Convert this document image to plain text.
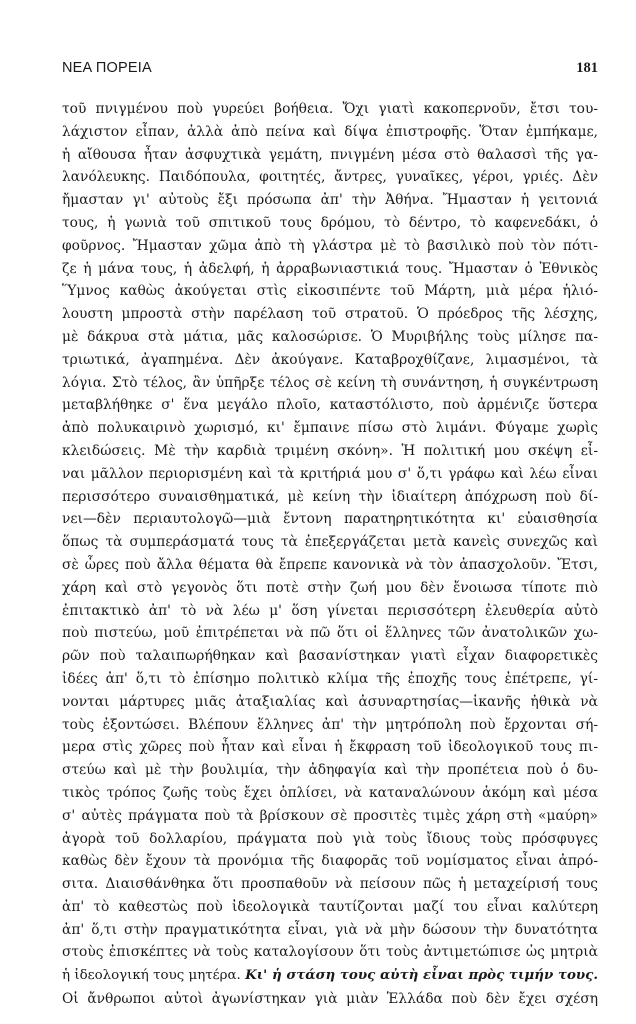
ΝΕΑ ΠΟΡΕΙΑ	181
τοῦ πνιγμένου ποὺ γυρεύει βοήθεια. Ὄχι γιατὶ κακοπερνοῦν, ἔτσι του-
λάχιστον εἶπαν, ἀλλὰ ἀπὸ πείνα καὶ δίψα ἐπιστροφῆς. Ὅταν ἐμπήκαμε,
ἡ αἴθουσα ἦταν ἀσφυχτικὰ γεμάτη, πνιγμένη μέσα στὸ θαλασσὶ τῆς γα-
λανόλευκης. Παιδόπουλα, φοιτητές, ἄντρες, γυναῖκες, γέροι, γριές. Δὲν
ἤμασταν γι' αὐτοὺς ἔξι πρόσωπα ἀπ' τὴν Ἀθήνα. Ἤμασταν ἡ γειτονιά
τους, ἡ γωνιὰ τοῦ σπιτικοῦ τους δρόμου, τὸ δέντρο, τὸ καφενεδάκι, ὁ
φοῦρνος. Ἤμασταν χῶμα ἀπὸ τὴ γλάστρα μὲ τὸ βασιλικὸ ποὺ τὸν πότι-
ζε ἡ μάνα τους, ἡ ἀδελφή, ἡ ἀρραβωνιαστικιά τους. Ἤμασταν ὁ Ἐθνικὸς
Ὕμνος καθὼς ἀκούγεται στὶς εἰκοσιπέντε τοῦ Μάρτη, μιὰ μέρα ἡλιό-
λουστη μπροστὰ στὴν παρέλαση τοῦ στρατοῦ. Ὁ πρόεδρος τῆς λέσχης,
μὲ δάκρυα στὰ μάτια, μᾶς καλοσώρισε. Ὁ Μυριβήλης τοὺς μίλησε πα-
τριωτικά, ἀγαπημένα. Δὲν ἀκούγανε. Καταβροχθίζανε, λιμασμένοι, τὰ
λόγια. Στὸ τέλος, ἂν ὑπῆρξε τέλος σὲ κείνη τὴ συνάντηση, ἡ συγκέντρωση
μεταβλήθηκε σ' ἕνα μεγάλο πλοῖο, καταστόλιστο, ποὺ ἀρμένιζε ὕστερα
ἀπὸ πολυκαιρινὸ χωρισμό, κι' ἔμπαινε πίσω στὸ λιμάνι. Φύγαμε χωρὶς
κλειδώσεις. Μὲ τὴν καρδιὰ τριμένη σκόνη». Ἡ πολιτική μου σκέψη εἶ-
ναι μᾶλλον περιορισμένη καὶ τὰ κριτήριά μου σ' ὅ,τι γράφω καὶ λέω εἶναι
περισσότερο συναισθηματικά, μὲ κείνη τὴν ἰδιαίτερη ἀπόχρωση ποὺ δί-
νει—δὲν περιαυτολογῶ—μιὰ ἔντονη παρατηρητικότητα κι' εὐαισθησία
ὅπως τὰ συμπεράσματά τους τὰ ἐπεξεργάζεται μετὰ κανεὶς συνεχῶς καὶ
σὲ ὧρες ποὺ ἄλλα θέματα θὰ ἔπρεπε κανονικὰ νὰ τὸν ἀπασχολοῦν. Ἔτσι,
χάρη καὶ στὸ γεγονὸς ὅτι ποτὲ στὴν ζωή μου δὲν ἔνοιωσα τίποτε πιὸ
ἐπιτακτικὸ ἀπ' τὸ νὰ λέω μ' ὅση γίνεται περισσότερη ἐλευθερία αὐτὸ
ποὺ πιστεύω, μοῦ ἐπιτρέπεται νὰ πῶ ὅτι οἱ ἕλληνες τῶν ἀνατολικῶν χω-
ρῶν ποὺ ταλαιπωρήθηκαν καὶ βασανίστηκαν γιατὶ εἶχαν διαφορετικὲς
ἰδέες ἀπ' ὅ,τι τὸ ἐπίσημο πολιτικὸ κλίμα τῆς ἐποχῆς τους ἐπέτρεπε, γί-
νονται μάρτυρες μιᾶς ἀταξιαλίας καὶ ἀσυναρτησίας—ἱκανῆς ἠθικὰ νὰ
τοὺς ἐξοντώσει. Βλέπουν ἕλληνες ἀπ' τὴν μητρόπολη ποὺ ἔρχονται σή-
μερα στὶς χῶρες ποὺ ἦταν καὶ εἶναι ἡ ἔκφραση τοῦ ἰδεολογικοῦ τους πι-
στεύω καὶ μὲ τὴν βουλιμία, τὴν ἀδηφαγία καὶ τὴν προπέτεια ποὺ ὁ δυ-
τικὸς τρόπος ζωῆς τοὺς ἔχει ὁπλίσει, νὰ καταναλώνουν ἀκόμη καὶ μέσα
σ' αὐτὲς πράγματα ποὺ τὰ βρίσκουν σὲ προσιτὲς τιμὲς χάρη στὴ «μαύρη»
ἀγορὰ τοῦ δολλαρίου, πράγματα ποὺ γιὰ τοὺς ἴδιους τοὺς πρόσφυγες
καθὼς δὲν ἔχουν τὰ προνόμια τῆς διαφορᾶς τοῦ νομίσματος εἶναι ἀπρό-
σιτα. Διαισθάνθηκα ὅτι προσπαθοῦν νὰ πείσουν πῶς ἡ μεταχείρισή τους
ἀπ' τὸ καθεστὼς ποὺ ἰδεολογικὰ ταυτίζονται μαζί του εἶναι καλύτερη
ἀπ' ὅ,τι στὴν πραγματικότητα εἶναι, γιὰ νὰ μὴν δώσουν τὴν δυνατότητα
στοὺς ἐπισκέπτες νὰ τοὺς καταλογίσουν ὅτι τοὺς ἀντιμετώπισε ὡς μητριὰ
ἡ ἰδεολογική τους μητέρα. Κι' ἡ στάση τους αὐτὴ εἶναι πρὸς τιμήν τους.
Οἱ ἄνθρωποι αὐτοὶ ἀγωνίστηκαν γιὰ μιὰν Ἑλλάδα ποὺ δὲν ἔχει σχέση
